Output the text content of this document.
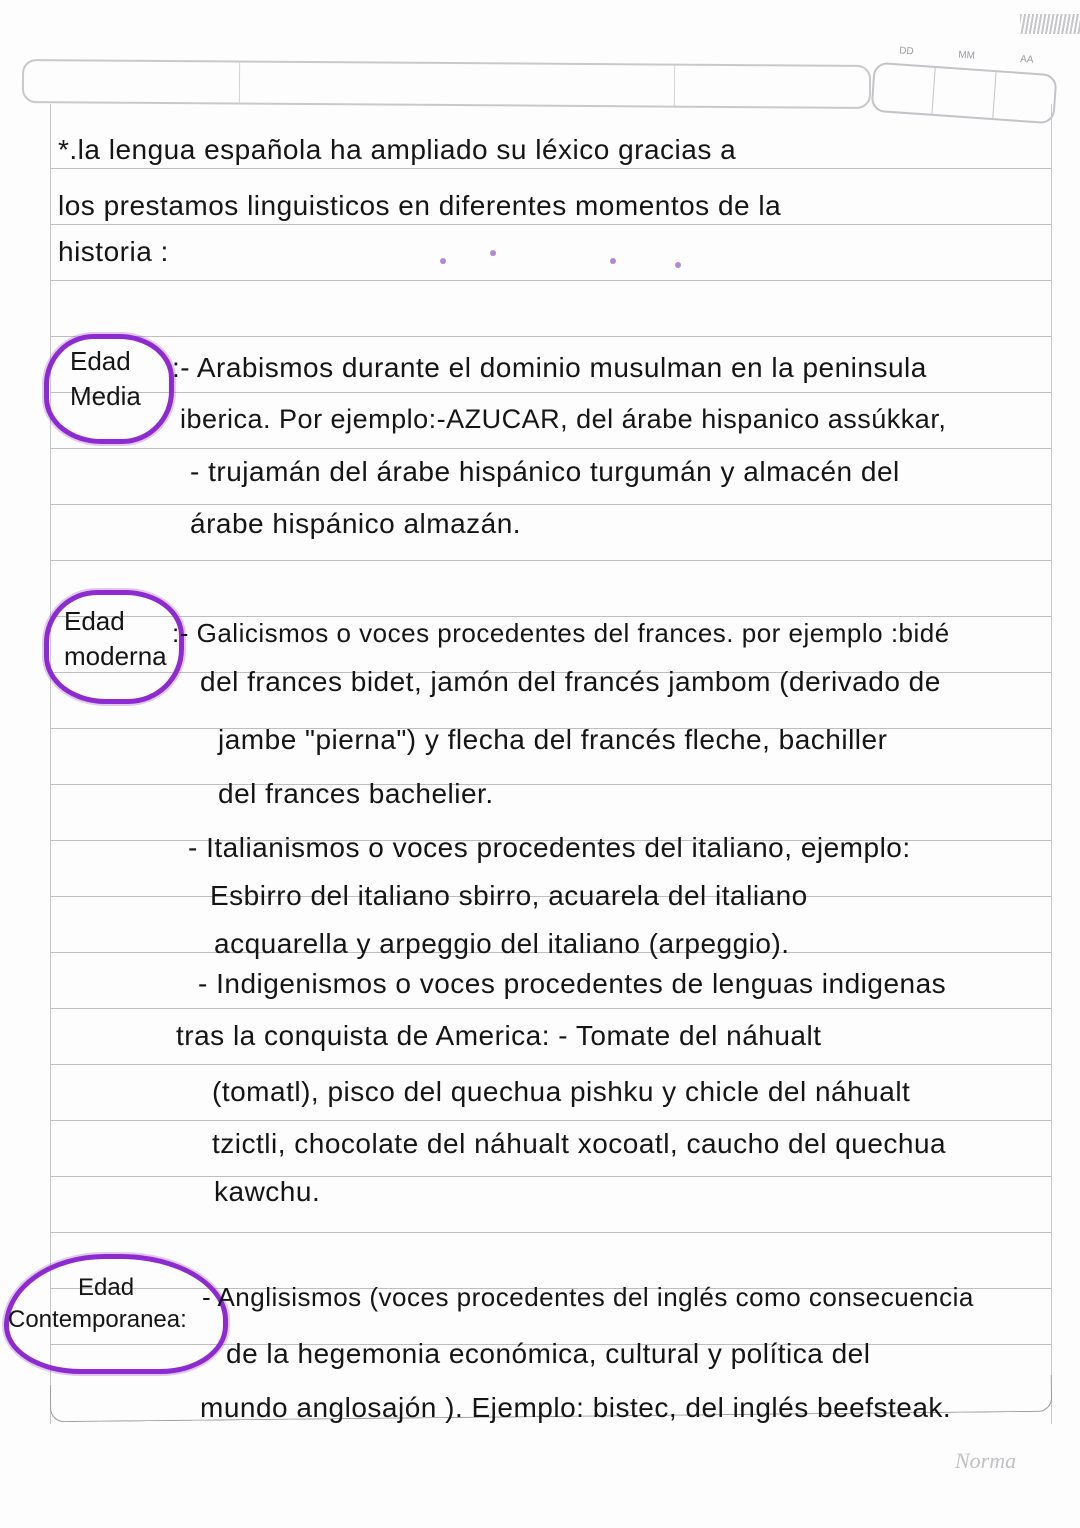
DD	MM	AA
*.la lengua española ha ampliado su léxico gracias a
los prestamos linguisticos en diferentes momentos de la
historia :
Edad
Media
:- Arabismos durante el dominio musulman en la peninsula
iberica. Por ejemplo:-AZUCAR, del árabe hispanico assúkkar,
- trujamán del árabe hispánico turgumán y almacén del
árabe hispánico almazán.
Edad
moderna
:- Galicismos o voces procedentes del frances. por ejemplo :bidé
del frances bidet, jamón del francés jambom (derivado de
jambe "pierna") y flecha del francés fleche, bachiller
del frances bachelier.
- Italianismos o voces procedentes del italiano, ejemplo:
Esbirro del italiano sbirro, acuarela del italiano
acquarella y arpeggio del italiano (arpeggio).
- Indigenismos o voces procedentes de lenguas indigenas
tras la conquista de America: - Tomate del náhualt
(tomatl), pisco del quechua pishku y chicle del náhualt
tzictli, chocolate del náhualt xocoatl, caucho del quechua
kawchu.
Edad
Contemporanea:
- Anglisismos (voces procedentes del inglés como consecuencia
de la hegemonia económica, cultural y política del
mundo anglosajón ). Ejemplo: bistec, del inglés beefsteak.
Norma
